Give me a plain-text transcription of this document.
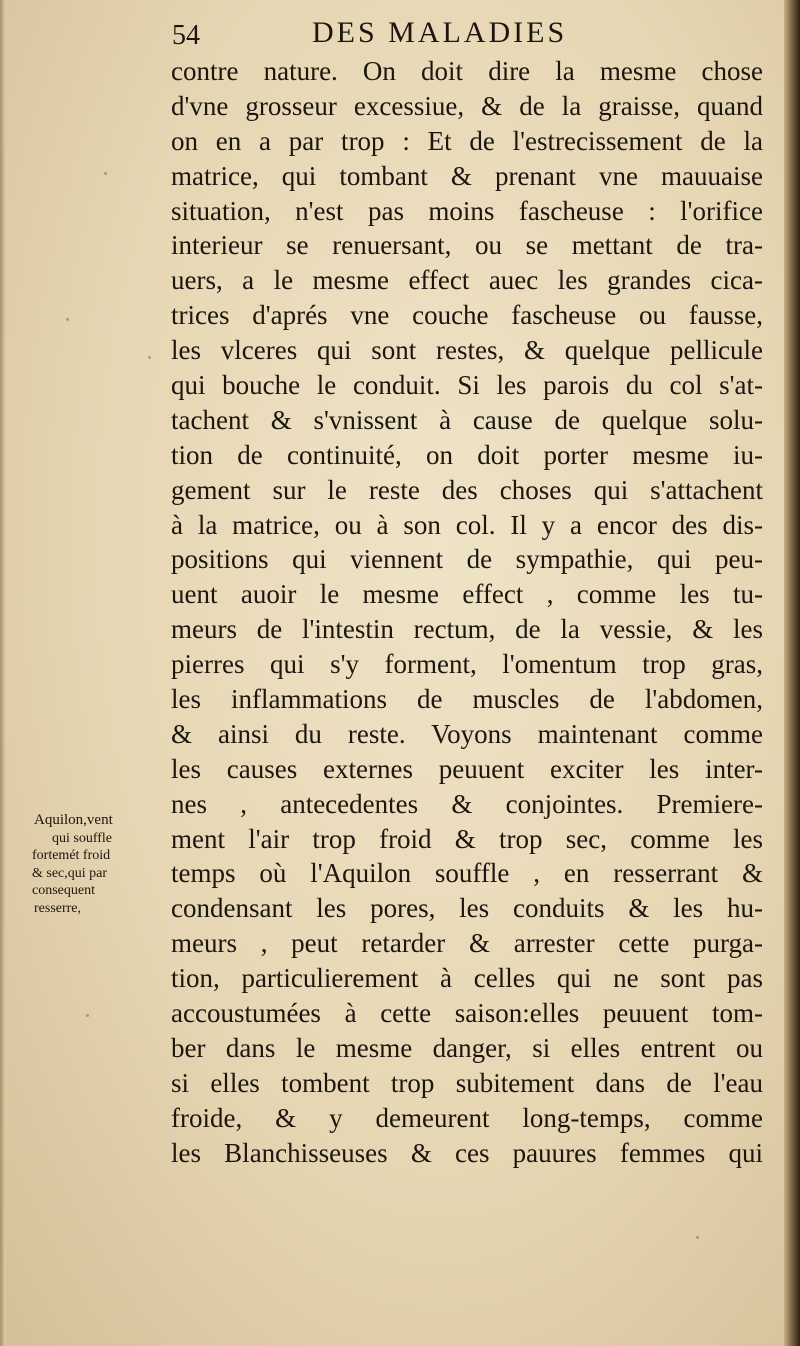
54	DES MALADIES
contre nature. On doit dire la mesme chose
d'vne grosseur excessiue, & de la graisse, quand
on en a par trop : Et de l'estrecissement de la
matrice, qui tombant & prenant vne mauuaise
situation, n'est pas moins fascheuse : l'orifice
interieur se renuersant, ou se mettant de tra-
uers, a le mesme effect auec les grandes cica-
trices d'aprés vne couche fascheuse ou fausse,
les vlceres qui sont restes, & quelque pellicule
qui bouche le conduit. Si les parois du col s'at-
tachent & s'vnissent à cause de quelque solu-
tion de continuité, on doit porter mesme iu-
gement sur le reste des choses qui s'attachent
à la matrice, ou à son col. Il y a encor des dis-
positions qui viennent de sympathie, qui peu-
uent auoir le mesme effect , comme les tu-
meurs de l'intestin rectum, de la vessie, & les
pierres qui s'y forment, l'omentum trop gras,
les inflammations de muscles de l'abdomen,
& ainsi du reste. Voyons maintenant comme
les causes externes peuuent exciter les inter-
nes , antecedentes & conjointes. Premiere-
ment l'air trop froid & trop sec, comme les
temps où l'Aquilon souffle , en resserrant &
condensant les pores, les conduits & les hu-
meurs , peut retarder & arrester cette purga-
tion, particulierement à celles qui ne sont pas
accoustumées à cette saison:elles peuuent tom-
ber dans le mesme danger, si elles entrent ou
si elles tombent trop subitement dans de l'eau
froide, & y demeurent long-temps, comme
les Blanchisseuses & ces pauures femmes qui
Aquilon,vent
qui souffle
fortemét froid
& sec,qui par
consequent
resserre,
